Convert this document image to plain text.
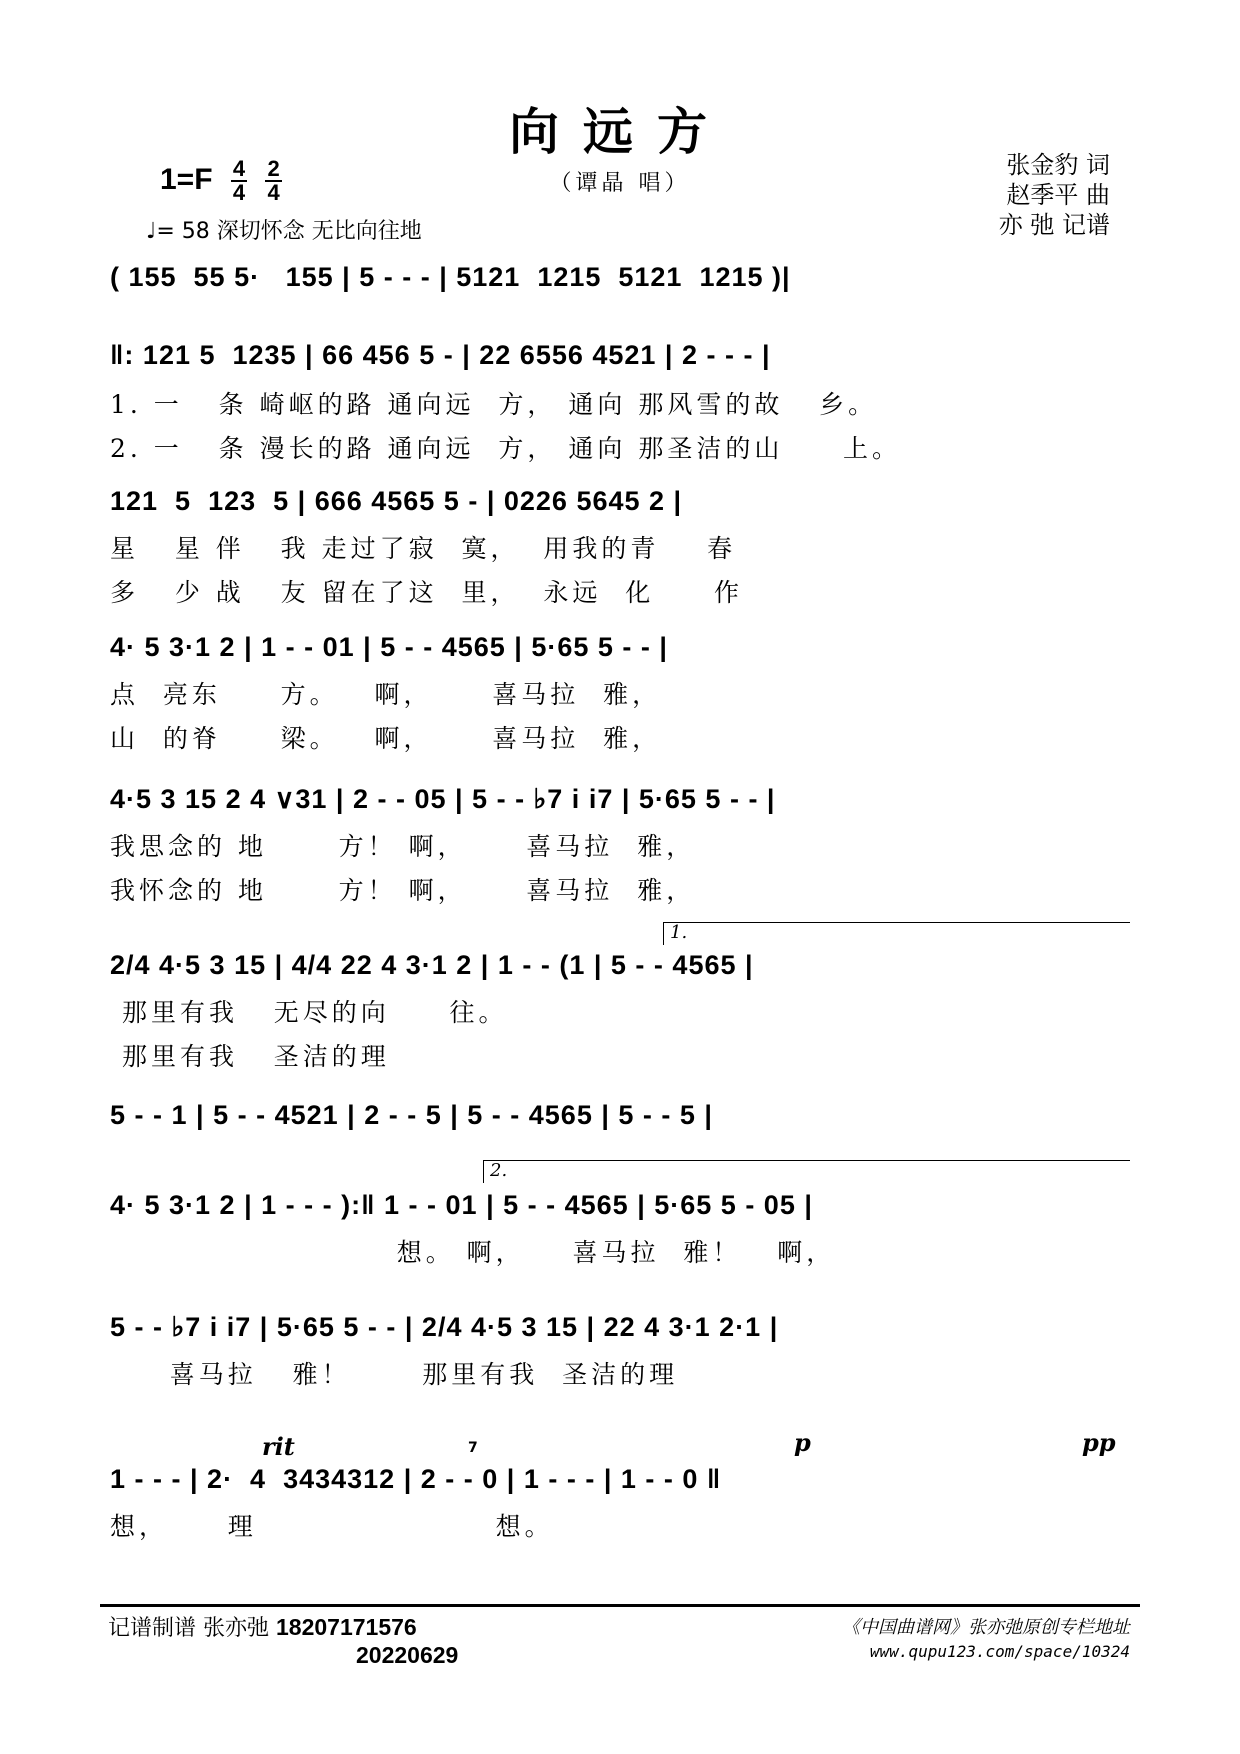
向远方
（谭晶 唱）
$1=F \frac{4}{4}$
$\frac{2}{4}$
♩= 58 深切怀念 无比向往地
张金豹 词
赵季平 曲
亦 弛 记谱
( 155  55 5·   155 | 5 - - - | 5121  1215  5121  1215 )|
‖: 121 5  1235 | 66 456 5 - | 22 6556 4521 | 2 - - - |
1. 一   条 崎岖的路 通向远  方， 通向 那风雪的故   乡。
2. 一   条 漫长的路 通向远  方， 通向 那圣洁的山     上。
121  5  123  5 | 666 4565 5 - | 0226 5645 2 |
星   星 伴   我 走过了寂  寞，  用我的青    春
多   少 战   友 留在了这  里，  永远  化     作
4· 5 3·1 2 | 1 - - 01 | 5 - - 4565 | 5·65 5 - - |
点  亮东     方。   啊，     喜马拉  雅，
山  的脊     梁。   啊，     喜马拉  雅，
4·5 3 15 2 4 ∨31 | 2 - - 05 | 5 - - ♭7 i i7 | 5·65 5 - - |
我思念的 地      方！ 啊，     喜马拉  雅，
我怀念的 地      方！ 啊，     喜马拉  雅，
1.
2/4 4·5 3 15 | 4/4 22 4 3·1 2 | 1 - - (1 | 5 - - 4565 |
那里有我   无尽的向     往。
那里有我   圣洁的理
5 - - 1 | 5 - - 4521 | 2 - - 5 | 5 - - 4565 | 5 - - 5 |
2.
4· 5 3·1 2 | 1 - - - ):‖ 1 - - 01 | 5 - - 4565 | 5·65 5 - 05 |
想。 啊，    喜马拉  雅！   啊，
5 - - ♭7 i i7 | 5·65 5 - - | 2/4 4·5 3 15 | 22 4 3·1 2·1 |
喜马拉   雅！      那里有我  圣洁的理
rit	7	p	pp
1 - - - | 2·  4  3434312 | 2 - - 0 | 1 - - - | 1 - - 0 ‖
想，     理                    想。
记谱制谱 张亦弛 18207171576
20220629
《中国曲谱网》张亦弛原创专栏地址
www.qupu123.com/space/10324
